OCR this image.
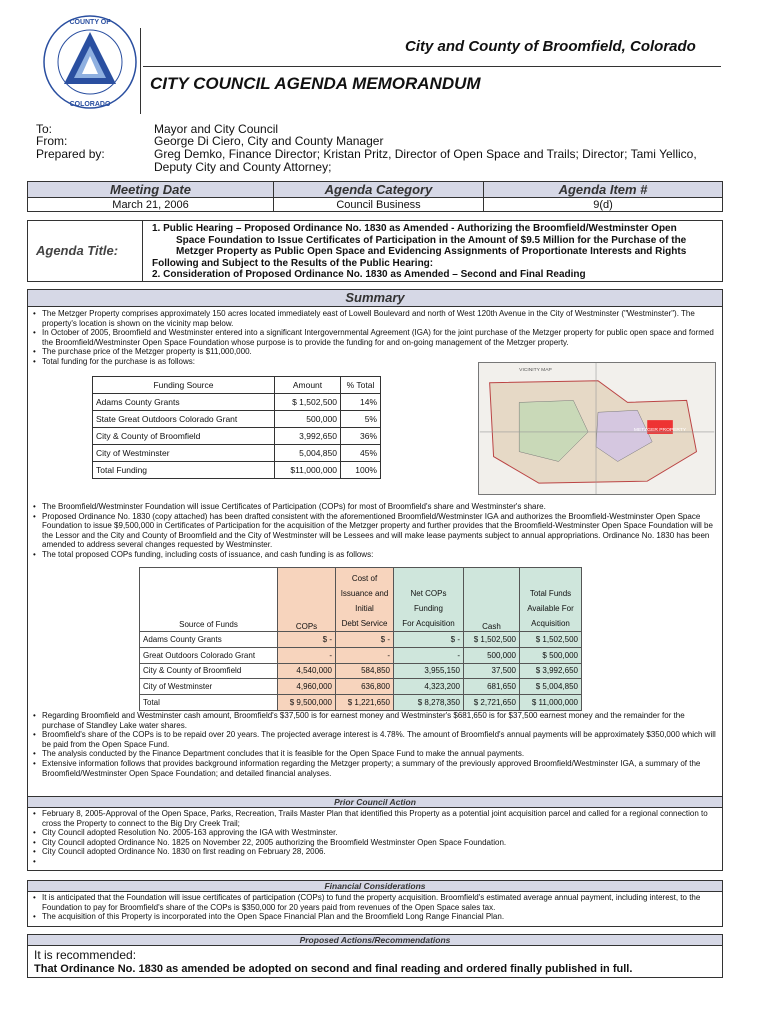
COUNTY OF
COLORADO
City and County of Broomfield, Colorado
CITY COUNCIL AGENDA MEMORANDUM
To:	Mayor and City Council
From:	George Di Ciero, City and County Manager
Prepared by:	Greg Demko, Finance Director; Kristan Pritz, Director of Open Space and Trails; Director; Tami Yellico,
Deputy City and County Attorney;
Meeting Date	Agenda Category	Agenda Item #
March 21, 2006	Council Business	9(d)
Agenda Title:
1. Public Hearing – Proposed Ordinance No. 1830 as Amended - Authorizing the Broomfield/Westminster Open
Space Foundation to Issue Certificates of Participation in the Amount of $9.5 Million for the Purchase of the
Metzger Property as Public Open Space and Evidencing Assignments of Proportionate Interests and Rights
Following and Subject to the Results of the Public Hearing:
2. Consideration of Proposed Ordinance No. 1830 as Amended – Second and Final Reading
Summary
• The Metzger Property comprises approximately 150 acres located immediately east of Lowell Boulevard and north of West 120th Avenue in the City of Westminster ("Westminster"). The property's location is shown on the vicinity map below.
• In October of 2005, Broomfield and Westminster entered into a significant Intergovernmental Agreement (IGA) for the joint purchase of the Metzger property for public open space and formed the Broomfield/Westminster Open Space Foundation whose purpose is to provide the funding for and on-going management of the Metzger property.
• The purchase price of the Metzger property is $11,000,000.
• Total funding for the purchase is as follows:
Funding Source	Amount	% Total
Adams County Grants	$ 1,502,500	14%
State Great Outdoors Colorado Grant	500,000	5%
City & County of Broomfield	3,992,650	36%
City of Westminster	5,004,850	45%
Total Funding	$11,000,000	100%
METZGER PROPERTY
VICINITY MAP
• The Broomfield/Westminster Foundation will issue Certificates of Participation (COPs) for most of Broomfield's share and Westminster's share.
• Proposed Ordinance No. 1830 (copy attached) has been drafted consistent with the aforementioned Broomfield/Westminster IGA and authorizes the Broomfield-Westminster Open Space Foundation to issue $9,500,000 in Certificates of Participation for the acquisition of the Metzger property and further provides that the Broomfield-Westminster Open Space Foundation will be the Lessor and the City and County of Broomfield and the City of Westminster will be Lessees and will make lease payments subject to annual appropriations. Ordinance No. 1830 has been amended to address several changes requested by Westminster.
• The total proposed COPs funding, including costs of issuance, and cash funding is as follows:
Source of Funds	COPs	Cost of
Issuance and
Initial
Debt Service	Net COPs
Funding
For Acquisition	Cash	Total Funds
Available For
Acquisition
Adams County Grants	$ -	$ -	$ -	$ 1,502,500	$ 1,502,500
Great Outdoors Colorado Grant	-	-	-	500,000	$ 500,000
City & County of Broomfield	4,540,000	584,850	3,955,150	37,500	$ 3,992,650
City of Westminster	4,960,000	636,800	4,323,200	681,650	$ 5,004,850
Total	$ 9,500,000	$ 1,221,650	$ 8,278,350	$ 2,721,650	$ 11,000,000
• Regarding Broomfield and Westminster cash amount, Broomfield's $37,500 is for earnest money and Westminster's $681,650 is for $37,500 earnest money and the remainder for the purchase of Standley Lake water shares.
• Broomfield's share of the COPs is to be repaid over 20 years. The projected average interest is 4.78%. The amount of Broomfield's annual payments will be approximately $350,000 which will be paid from the Open Space Fund.
• The analysis conducted by the Finance Department concludes that it is feasible for the Open Space Fund to make the annual payments.
• Extensive information follows that provides background information regarding the Metzger property; a summary of the previously approved Broomfield/Westminster IGA, a summary of the Broomfield/Westminster Open Space Foundation; and detailed financial analyses.
Prior Council Action
• February 8, 2005-Approval of the Open Space, Parks, Recreation, Trails Master Plan that identified this Property as a potential joint acquisition parcel and called for a regional connection to cross the Property to connect to the Big Dry Creek Trail;
• City Council adopted Resolution No. 2005-163 approving the IGA with Westminster.
• City Council adopted Ordinance No. 1825 on November 22, 2005 authorizing the Broomfield Westminster Open Space Foundation.
• City Council adopted Ordinance No. 1830 on first reading on February 28, 2006.
•
Financial Considerations
• It is anticipated that the Foundation will issue certificates of participation (COPs) to fund the property acquisition. Broomfield's estimated average annual payment, including interest, to the Foundation to pay for Broomfield's share of the COPs is $350,000 for 20 years paid from revenues of the Open Space sales tax.
• The acquisition of this Property is incorporated into the Open Space Financial Plan and the Broomfield Long Range Financial Plan.
Proposed Actions/Recommendations
It is recommended:
That Ordinance No. 1830 as amended be adopted on second and final reading and ordered finally published in full.
